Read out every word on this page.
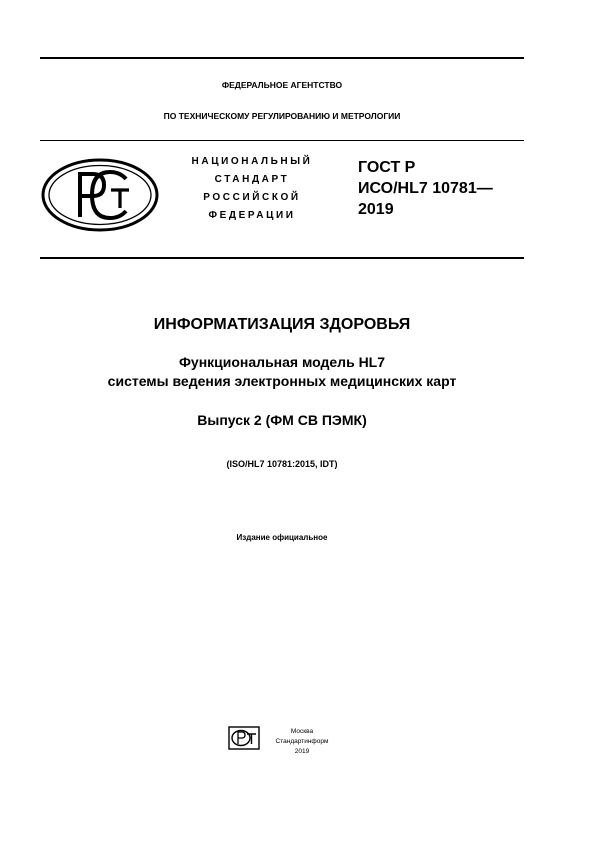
ФЕДЕРАЛЬНОЕ АГЕНТСТВО
ПО ТЕХНИЧЕСКОМУ РЕГУЛИРОВАНИЮ И МЕТРОЛОГИИ
НАЦИОНАЛЬНЫЙ
СТАНДАРТ
РОССИЙСКОЙ
ФЕДЕРАЦИИ
ГОСТ Р
ИСО/HL7 10781—
2019
ИНФОРМАТИЗАЦИЯ ЗДОРОВЬЯ
Функциональная модель HL7
системы ведения электронных медицинских карт
Выпуск 2 (ФМ СВ ПЭМК)
(ISO/HL7 10781:2015, IDT)
Издание официальное
Москва
Стандартинформ
2019
